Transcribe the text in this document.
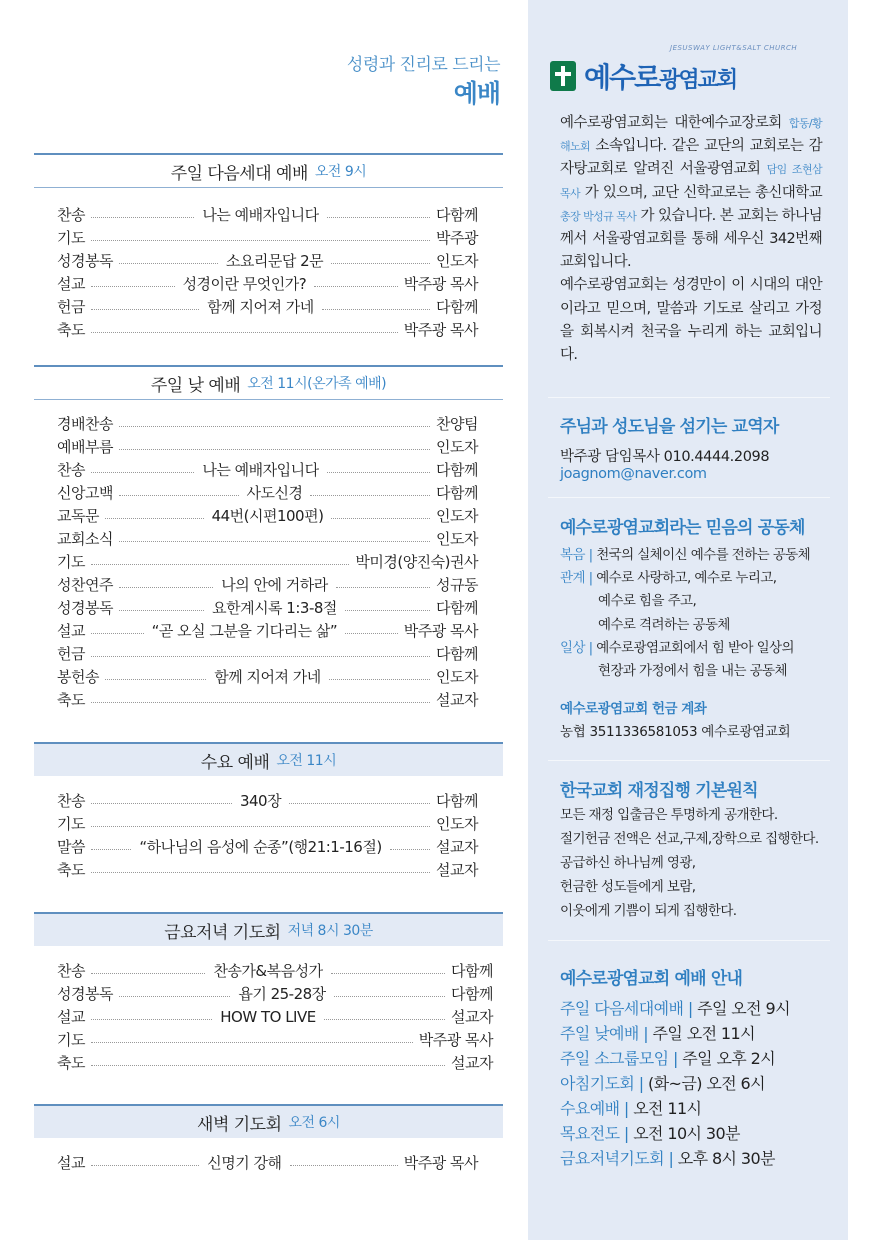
성령과 진리로 드리는
예배
주일 다음세대 예배 오전 9시
찬송	나는 예배자입니다	다함께
기도	박주광
성경봉독	소요리문답 2문	인도자
설교	성경이란 무엇인가?	박주광 목사
헌금	함께 지어져 가네	다함께
축도	박주광 목사
주일 낮 예배 오전 11시(온가족 예배)
경배찬송	찬양팀
예배부름	인도자
찬송	나는 예배자입니다	다함께
신앙고백	사도신경	다함께
교독문	44번(시편100편)	인도자
교회소식	인도자
기도	박미경(양진숙)권사
성찬연주	나의 안에 거하라	성규동
성경봉독	요한계시록 1:3-8절	다함께
설교	“곧 오실 그분을 기다리는 삶”	박주광 목사
헌금	다함께
봉헌송	함께 지어져 가네	인도자
축도	설교자
수요 예배 오전 11시
찬송	340장	다함께
기도	인도자
말씀	“하나님의 음성에 순종”(행21:1-16절)	설교자
축도	설교자
금요저녁 기도회 저녁 8시 30분
찬송	찬송가&복음성가	다함께
성경봉독	욥기 25-28장	다함께
설교	HOW TO LIVE	설교자
기도	박주광 목사
축도	설교자
새벽 기도회 오전 6시
설교	신명기 강해	박주광 목사
예수로광염교회
JESUSWAY LIGHT&SALT CHURCH
예수로광염교회는 대한예수교장로회 합동/황해노회 소속입니다. 같은 교단의 교회로는 감자탕교회로 알려진 서울광염교회 담임 조현삼 목사 가 있으며, 교단 신학교로는 총신대학교 총장 박성규 목사 가 있습니다. 본 교회는 하나님께서 서울광염교회를 통해 세우신 342번째 교회입니다.
예수로광염교회는 성경만이 이 시대의 대안이라고 믿으며, 말씀과 기도로 살리고 가정을 회복시켜 천국을 누리게 하는 교회입니다.
주님과 성도님을 섬기는 교역자
박주광 담임목사 010.4444.2098
joagnom@naver.com
예수로광염교회라는 믿음의 공동체
복음 | 천국의 실체이신 예수를 전하는 공동체
관계 | 예수로 사랑하고, 예수로 누리고,
예수로 힘을 주고,
예수로 격려하는 공동체
일상 | 예수로광염교회에서 힘 받아 일상의
현장과 가정에서 힘을 내는 공동체
예수로광염교회 헌금 계좌
농협 3511336581053 예수로광염교회
한국교회 재정집행 기본원칙
모든 재정 입출금은 투명하게 공개한다.
절기헌금 전액은 선교,구제,장학으로 집행한다.
공급하신 하나님께 영광,
헌금한 성도들에게 보람,
이웃에게 기쁨이 되게 집행한다.
예수로광염교회 예배 안내
주일 다음세대예배 | 주일 오전 9시
주일 낮예배 | 주일 오전 11시
주일 소그룹모임 | 주일 오후 2시
아침기도회 | (화~금) 오전 6시
수요예배 | 오전 11시
목요전도 | 오전 10시 30분
금요저녁기도회 | 오후 8시 30분
